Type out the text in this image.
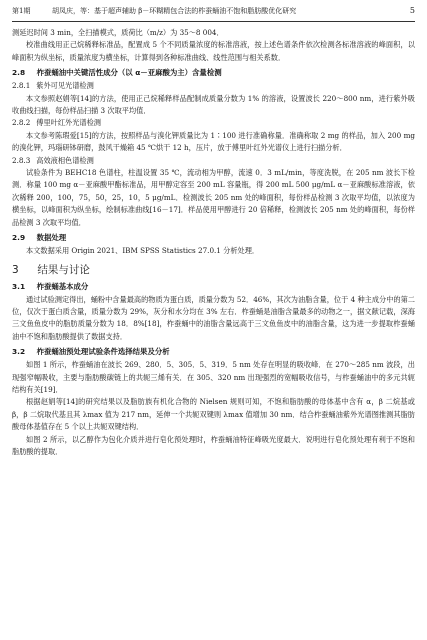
第1期	胡凤庆，等：基于超声辅助 β－环糊精包合法的柞蚕蛹油不饱和脂肪酸优化研究	5

测延迟时间 3 min，全扫描模式，质荷比（m/z）为 35～8 004．

校准曲线用正己烷稀释标准品，配置成 5 个不同质量浓度的标准溶液，按上述色谱条件依次检测各标准溶液的峰面积，以峰面积为纵坐标，质量浓度为横坐标，计算得到各种标准曲线、线性范围与相关系数．

2.8 柞蚕蛹油中关键活性成分（以 α－亚麻酸为主）含量检测
2.8.1 紫外可见光谱检测

本文参照赵娟等[14]的方法，使用正己烷稀释样品配制成质量分数为 1% 的溶液，设置波长 220～800 nm，进行紫外吸收曲线扫描，每份样品扫描 3 次取平均值．

2.8.2 傅里叶红外光谱检测

本文参考陈瑕爱[15]的方法，按照样品与溴化钾质量比为 1∶100 进行准确称量．准确称取 2 mg 的样品，加入 200 mg 的溴化钾，玛瑙研钵研磨，鼓风干燥箱 45 ℃烘干 12 h，压片，放于傅里叶红外光谱仪上进行扫描分析．

2.8.3 高效液相色谱检测

试验条件为 BEHC18 色谱柱，柱温设置 35 ℃，流动相为甲醇，流速 0．3 mL/min，等度洗脱，在 205 nm 波长下检测．称量 100 mg α－亚麻酸甲酯标准品，用甲醇定容至 200 mL 容量瓶，得 200 mL 500 μg/mL α－亚麻酸标准溶液，依次稀释 200，100，75，50，25，10，5 μg/mL．检测波长 205 nm 处的峰面积，每份样品检测 3 次取平均值，以浓度为横坐标，以峰面积为纵坐标，绘制标准曲线[16－17]．样品使用甲醇进行 20 倍稀释，检测波长 205 nm 处的峰面积，每份样品检测 3 次取平均值．

2.9 数据处理

本文数据采用 Origin 2021、IBM SPSS Statistics 27.0.1 分析处理．

3 结果与讨论
3.1 柞蚕蛹基本成分

通过试验测定得出，蛹粉中含量最高的物质为蛋白质，质量分数为 52．46%，其次为油脂含量，位于 4 种主成分中的第二位，仅次于蛋白质含量，质量分数为 29%，灰分和水分均在 3% 左右．柞蚕蛹是油脂含量最多的动物之一，据文献记载，深海三文鱼鱼皮中的脂肪质量分数为 18．8%[18]，柞蚕蛹中的油脂含量远高于三文鱼鱼皮中的油脂含量，这为进一步提取柞蚕蛹油中不饱和脂肪酸提供了数据支持．

3.2 柞蚕蛹油预处理试验条件选择结果及分析

如图 1 所示，柞蚕蛹油在波长 269、280．5、305．5、319．5 nm 处存在明显的吸收峰．在 270～285 nm 波段，出现强窄幅吸收，主要与脂肪酸碳链上的共轭三烯有关．在 305、320 nm 出现强烈的宽幅吸收信号，与柞蚕蛹油中的多元共轭结构有关[19]．

根据赵娟等[14]的研究结果以及脂肪族有机化合物的 Nielsen 规则可知，不饱和脂肪酸的母体基中含有 α，β 二烷基或 β，β 二烷取代基且其 λmax 值为 217 nm，延伸一个共轭双键则 λmax 值增加 30 nm．结合柞蚕蛹油紫外光谱图推测其脂肪酸母体基值存在 5 个以上共轭双键结构．

如图 2 所示，以乙醇作为包化介质并进行皂化预处理时，柞蚕蛹油特征峰吸光度最大．说明进行皂化预处理有利于不饱和脂肪酸的提取．
